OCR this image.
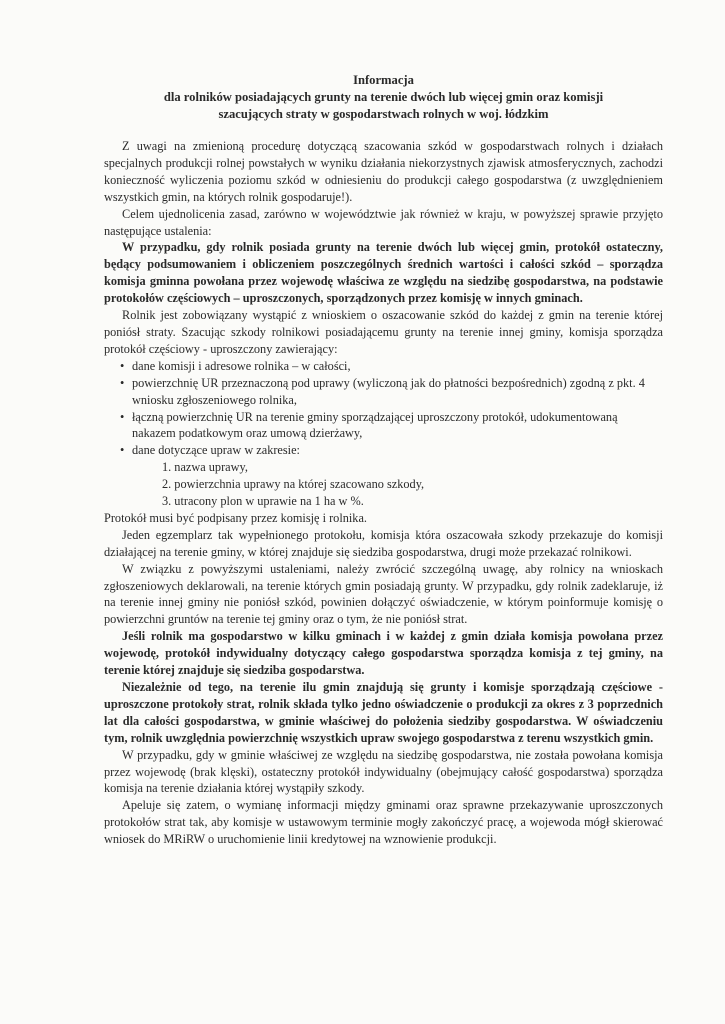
Informacja
dla rolników posiadających grunty na terenie dwóch lub więcej gmin oraz komisji
szacujących straty w gospodarstwach rolnych w woj. łódzkim

Z uwagi na zmienioną procedurę dotyczącą szacowania szkód w gospodarstwach rolnych i działach specjalnych produkcji rolnej powstałych w wyniku działania niekorzystnych zjawisk atmosferycznych, zachodzi konieczność wyliczenia poziomu szkód w odniesieniu do produkcji całego gospodarstwa (z uwzględnieniem wszystkich gmin, na których rolnik gospodaruje!).

Celem ujednolicenia zasad, zarówno w województwie jak również w kraju, w powyższej sprawie przyjęto następujące ustalenia:

W przypadku, gdy rolnik posiada grunty na terenie dwóch lub więcej gmin, protokół ostateczny, będący podsumowaniem i obliczeniem poszczególnych średnich wartości i całości szkód – sporządza komisja gminna powołana przez wojewodę właściwa ze względu na siedzibę gospodarstwa, na podstawie protokołów częściowych – uproszczonych, sporządzonych przez komisję w innych gminach.

Rolnik jest zobowiązany wystąpić z wnioskiem o oszacowanie szkód do każdej z gmin na terenie której poniósł straty. Szacując szkody rolnikowi posiadającemu grunty na terenie innej gminy, komisja sporządza protokół częściowy - uproszczony zawierający:

• dane komisji i adresowe rolnika – w całości,
• powierzchnię UR przeznaczoną pod uprawy (wyliczoną jak do płatności bezpośrednich) zgodną z pkt. 4 wniosku zgłoszeniowego rolnika,
• łączną powierzchnię UR na terenie gminy sporządzającej uproszczony protokół, udokumentowaną nakazem podatkowym oraz umową dzierżawy,
• dane dotyczące upraw w zakresie:
1. nazwa uprawy,
2. powierzchnia uprawy na której szacowano szkody,
3. utracony plon w uprawie na 1 ha w %.

Protokół musi być podpisany przez komisję i rolnika.

Jeden egzemplarz tak wypełnionego protokołu, komisja która oszacowała szkody przekazuje do komisji działającej na terenie gminy, w której znajduje się siedziba gospodarstwa, drugi może przekazać rolnikowi.

W związku z powyższymi ustaleniami, należy zwrócić szczególną uwagę, aby rolnicy na wnioskach zgłoszeniowych deklarowali, na terenie których gmin posiadają grunty. W przypadku, gdy rolnik zadeklaruje, iż na terenie innej gminy nie poniósł szkód, powinien dołączyć oświadczenie, w którym poinformuje komisję o powierzchni gruntów na terenie tej gminy oraz o tym, że nie poniósł strat.

Jeśli rolnik ma gospodarstwo w kilku gminach i w każdej z gmin działa komisja powołana przez wojewodę, protokół indywidualny dotyczący całego gospodarstwa sporządza komisja z tej gminy, na terenie której znajduje się siedziba gospodarstwa.

Niezależnie od tego, na terenie ilu gmin znajdują się grunty i komisje sporządzają częściowe - uproszczone protokoły strat, rolnik składa tylko jedno oświadczenie o produkcji za okres z 3 poprzednich lat dla całości gospodarstwa, w gminie właściwej do położenia siedziby gospodarstwa. W oświadczeniu tym, rolnik uwzględnia powierzchnię wszystkich upraw swojego gospodarstwa z terenu wszystkich gmin.

W przypadku, gdy w gminie właściwej ze względu na siedzibę gospodarstwa, nie została powołana komisja przez wojewodę (brak klęski), ostateczny protokół indywidualny (obejmujący całość gospodarstwa) sporządza komisja na terenie działania której wystąpiły szkody.

Apeluje się zatem, o wymianę informacji między gminami oraz sprawne przekazywanie uproszczonych protokołów strat tak, aby komisje w ustawowym terminie mogły zakończyć pracę, a wojewoda mógł skierować wniosek do MRiRW o uruchomienie linii kredytowej na wznowienie produkcji.
